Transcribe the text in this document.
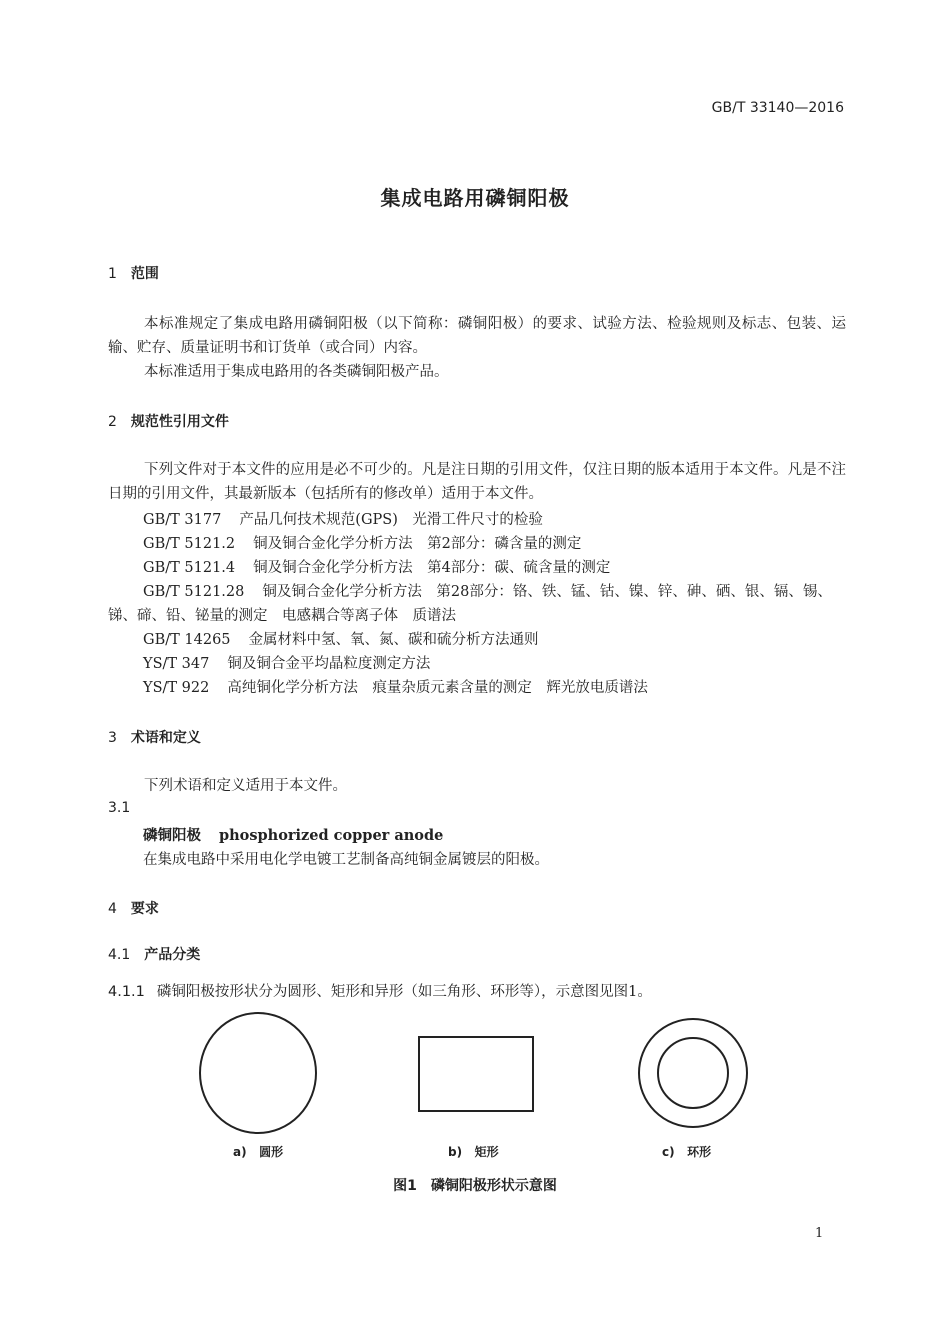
GB/T 33140—2016
集成电路用磷铜阳极
1 范围
本标准规定了集成电路用磷铜阳极（以下简称：磷铜阳极）的要求、试验方法、检验规则及标志、包装、运输、贮存、质量证明书和订货单（或合同）内容。
本标准适用于集成电路用的各类磷铜阳极产品。
2 规范性引用文件
下列文件对于本文件的应用是必不可少的。凡是注日期的引用文件，仅注日期的版本适用于本文件。凡是不注日期的引用文件，其最新版本（包括所有的修改单）适用于本文件。
GB/T 3177 产品几何技术规范(GPS)　光滑工件尺寸的检验
GB/T 5121.2 铜及铜合金化学分析方法　第2部分：磷含量的测定
GB/T 5121.4 铜及铜合金化学分析方法　第4部分：碳、硫含量的测定
GB/T 5121.28 铜及铜合金化学分析方法　第28部分：铬、铁、锰、钴、镍、锌、砷、硒、银、镉、锡、
锑、碲、铅、铋量的测定　电感耦合等离子体　质谱法
GB/T 14265 金属材料中氢、氧、氮、碳和硫分析方法通则
YS/T 347 铜及铜合金平均晶粒度测定方法
YS/T 922 高纯铜化学分析方法　痕量杂质元素含量的测定　辉光放电质谱法
3 术语和定义
下列术语和定义适用于本文件。
3.1
磷铜阳极 phosphorized copper anode
在集成电路中采用电化学电镀工艺制备高纯铜金属镀层的阳极。
4 要求
4.1 产品分类
4.1.1 磷铜阳极按形状分为圆形、矩形和异形（如三角形、环形等），示意图见图1。
a) 圆形	b) 矩形	c) 环形
图1　磷铜阳极形状示意图
1
